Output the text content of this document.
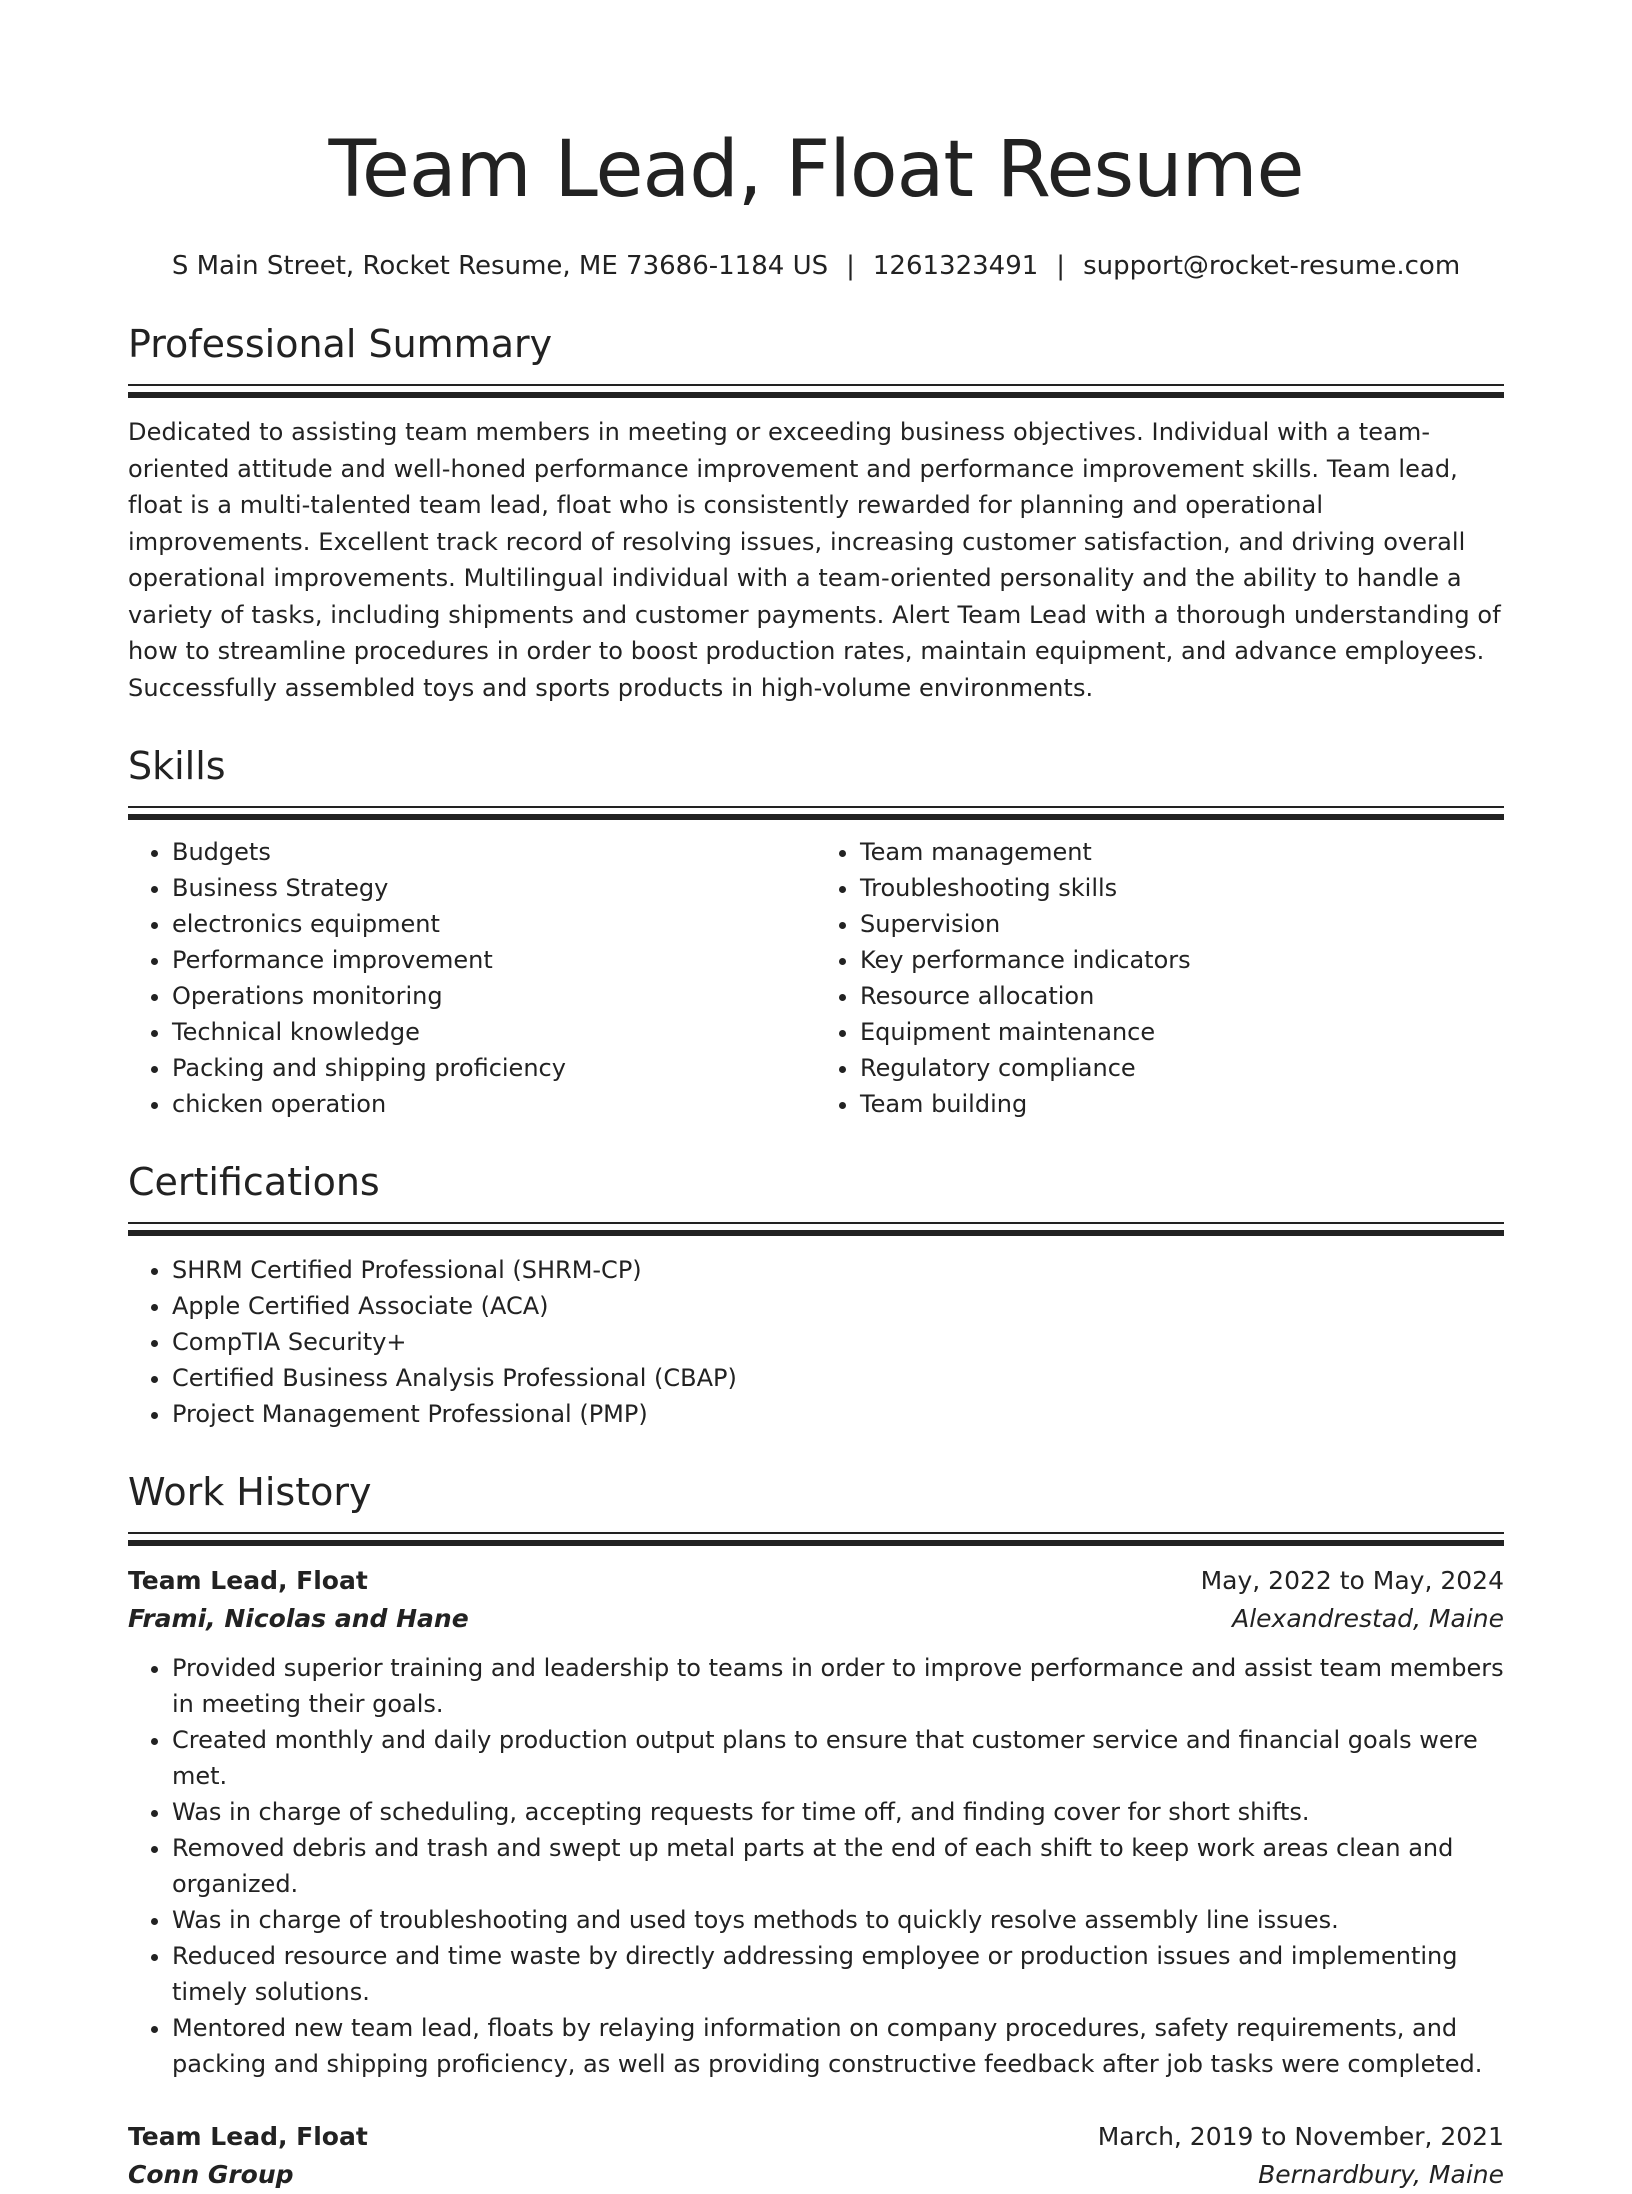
Team Lead, Float Resume
S Main Street, Rocket Resume, ME 73686-1184 US | 1261323491 | support@rocket-resume.com
Professional Summary
Dedicated to assisting team members in meeting or exceeding business objectives. Individual with a team-oriented attitude and well-honed performance improvement and performance improvement skills. Team lead, float is a multi-talented team lead, float who is consistently rewarded for planning and operational improvements. Excellent track record of resolving issues, increasing customer satisfaction, and driving overall operational improvements. Multilingual individual with a team-oriented personality and the ability to handle a variety of tasks, including shipments and customer payments. Alert Team Lead with a thorough understanding of how to streamline procedures in order to boost production rates, maintain equipment, and advance employees. Successfully assembled toys and sports products in high-volume environments.
Skills
• Budgets
• Business Strategy
• electronics equipment
• Performance improvement
• Operations monitoring
• Technical knowledge
• Packing and shipping proficiency
• chicken operation
• Team management
• Troubleshooting skills
• Supervision
• Key performance indicators
• Resource allocation
• Equipment maintenance
• Regulatory compliance
• Team building
Certifications
• SHRM Certified Professional (SHRM-CP)
• Apple Certified Associate (ACA)
• CompTIA Security+
• Certified Business Analysis Professional (CBAP)
• Project Management Professional (PMP)
Work History
Team Lead, Float	May, 2022 to May, 2024
Frami, Nicolas and Hane	Alexandrestad, Maine
• Provided superior training and leadership to teams in order to improve performance and assist team members in meeting their goals.
• Created monthly and daily production output plans to ensure that customer service and financial goals were met.
• Was in charge of scheduling, accepting requests for time off, and finding cover for short shifts.
• Removed debris and trash and swept up metal parts at the end of each shift to keep work areas clean and organized.
• Was in charge of troubleshooting and used toys methods to quickly resolve assembly line issues.
• Reduced resource and time waste by directly addressing employee or production issues and implementing timely solutions.
• Mentored new team lead, floats by relaying information on company procedures, safety requirements, and packing and shipping proficiency, as well as providing constructive feedback after job tasks were completed.
Team Lead, Float	March, 2019 to November, 2021
Conn Group	Bernardbury, Maine
